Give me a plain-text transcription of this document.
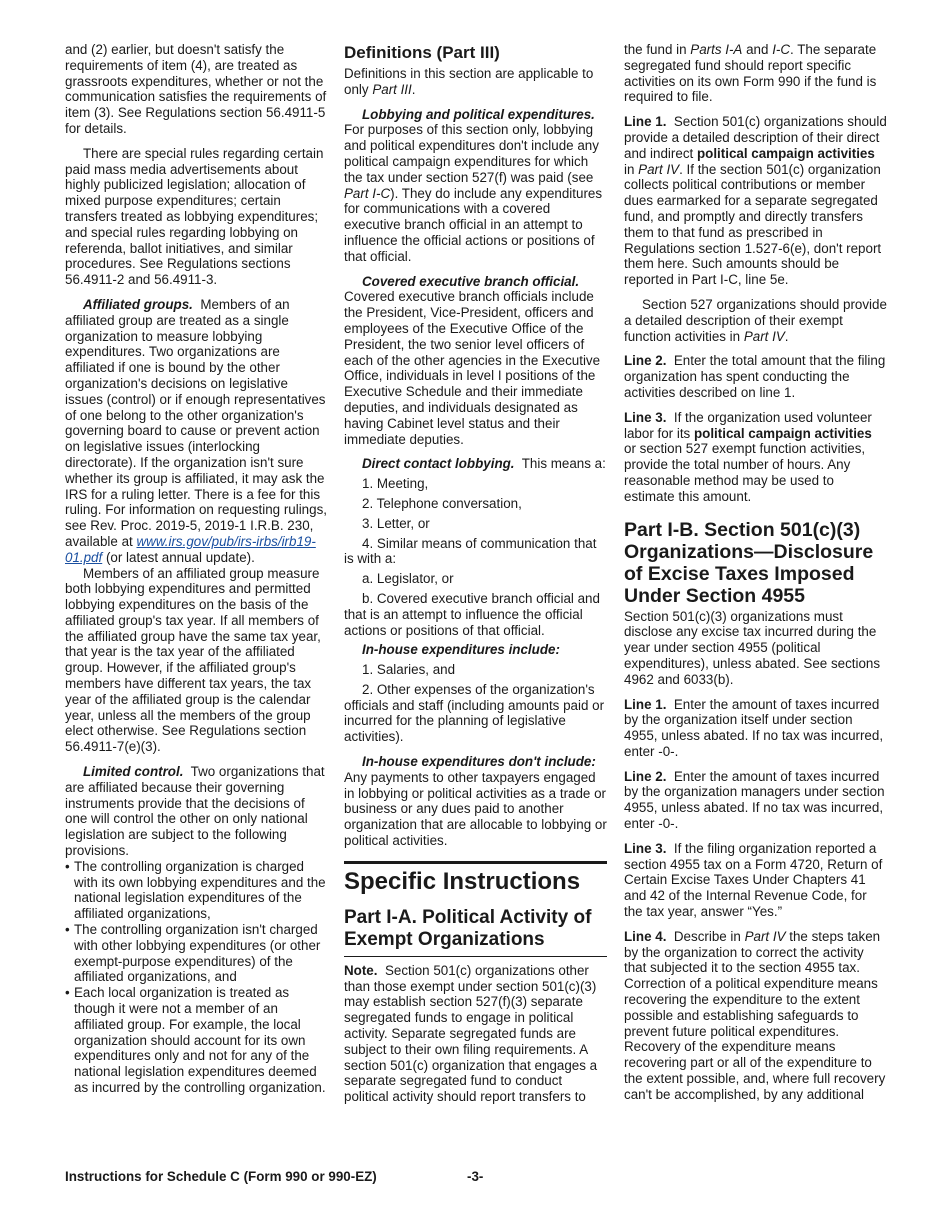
and (2) earlier, but doesn't satisfy the requirements of item (4), are treated as grassroots expenditures, whether or not the communication satisfies the requirements of item (3). See Regulations section 56.4911-5 for details.

There are special rules regarding certain paid mass media advertisements about highly publicized legislation; allocation of mixed purpose expenditures; certain transfers treated as lobbying expenditures; and special rules regarding lobbying on referenda, ballot initiatives, and similar procedures. See Regulations sections 56.4911-2 and 56.4911-3.

Affiliated groups. Members of an affiliated group are treated as a single organization to measure lobbying expenditures. Two organizations are affiliated if one is bound by the other organization's decisions on legislative issues (control) or if enough representatives of one belong to the other organization's governing board to cause or prevent action on legislative issues (interlocking directorate). If the organization isn't sure whether its group is affiliated, it may ask the IRS for a ruling letter. There is a fee for this ruling. For information on requesting rulings, see Rev. Proc. 2019-5, 2019-1 I.R.B. 230, available at www.irs.gov/pub/irs-irbs/irb19-01.pdf (or latest annual update).

Members of an affiliated group measure both lobbying expenditures and permitted lobbying expenditures on the basis of the affiliated group's tax year. If all members of the affiliated group have the same tax year, that year is the tax year of the affiliated group. However, if the affiliated group's members have different tax years, the tax year of the affiliated group is the calendar year, unless all the members of the group elect otherwise. See Regulations section 56.4911-7(e)(3).

Limited control. Two organizations that are affiliated because their governing instruments provide that the decisions of one will control the other on only national legislation are subject to the following provisions.

• The controlling organization is charged with its own lobbying expenditures and the national legislation expenditures of the affiliated organizations,
• The controlling organization isn't charged with other lobbying expenditures (or other exempt-purpose expenditures) of the affiliated organizations, and
• Each local organization is treated as though it were not a member of an affiliated group. For example, the local organization should account for its own expenditures only and not for any of the national legislation expenditures deemed as incurred by the controlling organization.
Definitions (Part III)

Definitions in this section are applicable to only Part III.

Lobbying and political expenditures.  For purposes of this section only, lobbying and political expenditures don't include any political campaign expenditures for which the tax under section 527(f) was paid (see Part I-C). They do include any expenditures for communications with a covered executive branch official in an attempt to influence the official actions or positions of that official.

Covered executive branch official. Covered executive branch officials include the President, Vice-President, officers and employees of the Executive Office of the President, the two senior level officers of each of the other agencies in the Executive Office, individuals in level I positions of the Executive Schedule and their immediate deputies, and individuals designated as having Cabinet level status and their immediate deputies.

Direct contact lobbying. This means a:

1. Meeting,

2. Telephone conversation,

3. Letter, or

4. Similar means of communication that is with a:

a. Legislator, or

b. Covered executive branch official and that is an attempt to influence the official actions or positions of that official.

In-house expenditures include:

1. Salaries, and

2. Other expenses of the organization's officials and staff (including amounts paid or incurred for the planning of legislative activities).

In-house expenditures don't include:  Any payments to other taxpayers engaged in lobbying or political activities as a trade or business or any dues paid to another organization that are allocable to lobbying or political activities.

Specific Instructions
Part I-A. Political Activity of Exempt Organizations

Note. Section 501(c) organizations other than those exempt under section 501(c)(3) may establish section 527(f)(3) separate segregated funds to engage in political activity. Separate segregated funds are subject to their own filing requirements. A section 501(c) organization that engages a separate segregated fund to conduct political activity should report transfers to

the fund in Parts I-A and I-C. The separate segregated fund should report specific activities on its own Form 990 if the fund is required to file.

Line 1. Section 501(c) organizations should provide a detailed description of their direct and indirect political campaign activities in Part IV. If the section 501(c) organization collects political contributions or member dues earmarked for a separate segregated fund, and promptly and directly transfers them to that fund as prescribed in Regulations section 1.527-6(e), don't report them here. Such amounts should be reported in Part I-C, line 5e.

Section 527 organizations should provide a detailed description of their exempt function activities in Part IV.

Line 2. Enter the total amount that the filing organization has spent conducting the activities described on line 1.

Line 3. If the organization used volunteer labor for its political campaign activities or section 527 exempt function activities, provide the total number of hours. Any reasonable method may be used to estimate this amount.

Part I-B. Section 501(c)(3) Organizations—Disclosure of Excise Taxes Imposed Under Section 4955

Section 501(c)(3) organizations must disclose any excise tax incurred during the year under section 4955 (political expenditures), unless abated. See sections 4962 and 6033(b).

Line 1. Enter the amount of taxes incurred by the organization itself under section 4955, unless abated. If no tax was incurred, enter -0-.

Line 2. Enter the amount of taxes incurred by the organization managers under section 4955, unless abated. If no tax was incurred, enter -0-.

Line 3. If the filing organization reported a section 4955 tax on a Form 4720, Return of Certain Excise Taxes Under Chapters 41 and 42 of the Internal Revenue Code, for the tax year, answer “Yes.”

Line 4. Describe in Part IV the steps taken by the organization to correct the activity that subjected it to the section 4955 tax. Correction of a political expenditure means recovering the expenditure to the extent possible and establishing safeguards to prevent future political expenditures. Recovery of the expenditure means recovering part or all of the expenditure to the extent possible, and, where full recovery can't be accomplished, by any additional

Instructions for Schedule C (Form 990 or 990-EZ)	-3-
